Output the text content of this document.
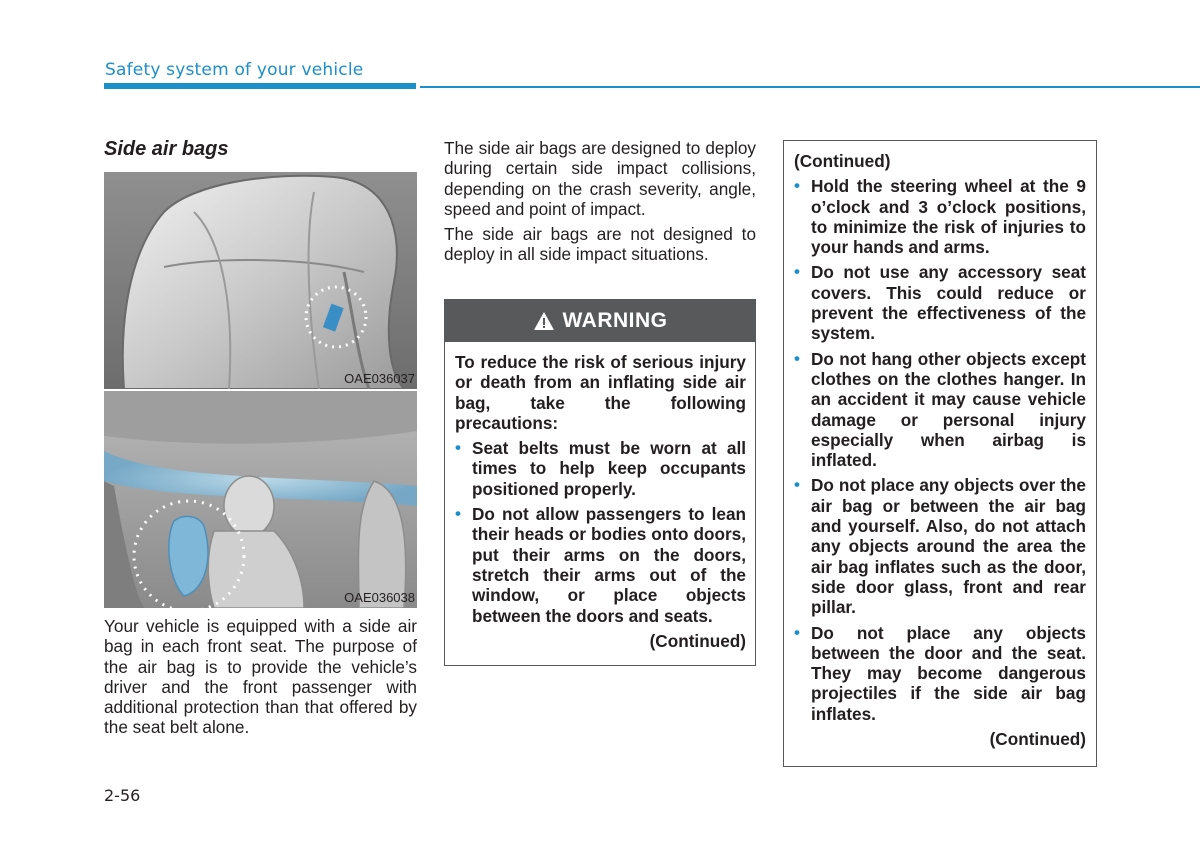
Safety system of your vehicle
Side air bags
OAE036037
OAE036038

Your vehicle is equipped with a side air bag in each front seat. The purpose of the air bag is to provide the vehicle’s driver and the front passenger with additional protection than that offered by the seat belt alone.

The side air bags are designed to deploy during certain side impact collisions, depending on the crash severity, angle, speed and point of impact.

The side air bags are not designed to deploy in all side impact situations.

WARNING

To reduce the risk of serious injury or death from an inflating side air bag, take the following precautions:

• Seat belts must be worn at all times to help keep occupants positioned properly.
• Do not allow passengers to lean their heads or bodies onto doors, put their arms on the doors, stretch their arms out of the window, or place objects between the doors and seats.
(Continued)

(Continued)

• Hold the steering wheel at the 9 o’clock and 3 o’clock positions, to minimize the risk of injuries to your hands and arms.
• Do not use any accessory seat covers. This could reduce or prevent the effectiveness of the system.
• Do not hang other objects except clothes on the clothes hanger. In an accident it may cause vehicle damage or personal injury especially when airbag is inflated.
• Do not place any objects over the air bag or between the air bag and yourself. Also, do not attach any objects around the area the air bag inflates such as the door, side door glass, front and rear pillar.
• Do not place any objects between the door and the seat. They may become dangerous projectiles if the side air bag inflates.
(Continued)
2-56
